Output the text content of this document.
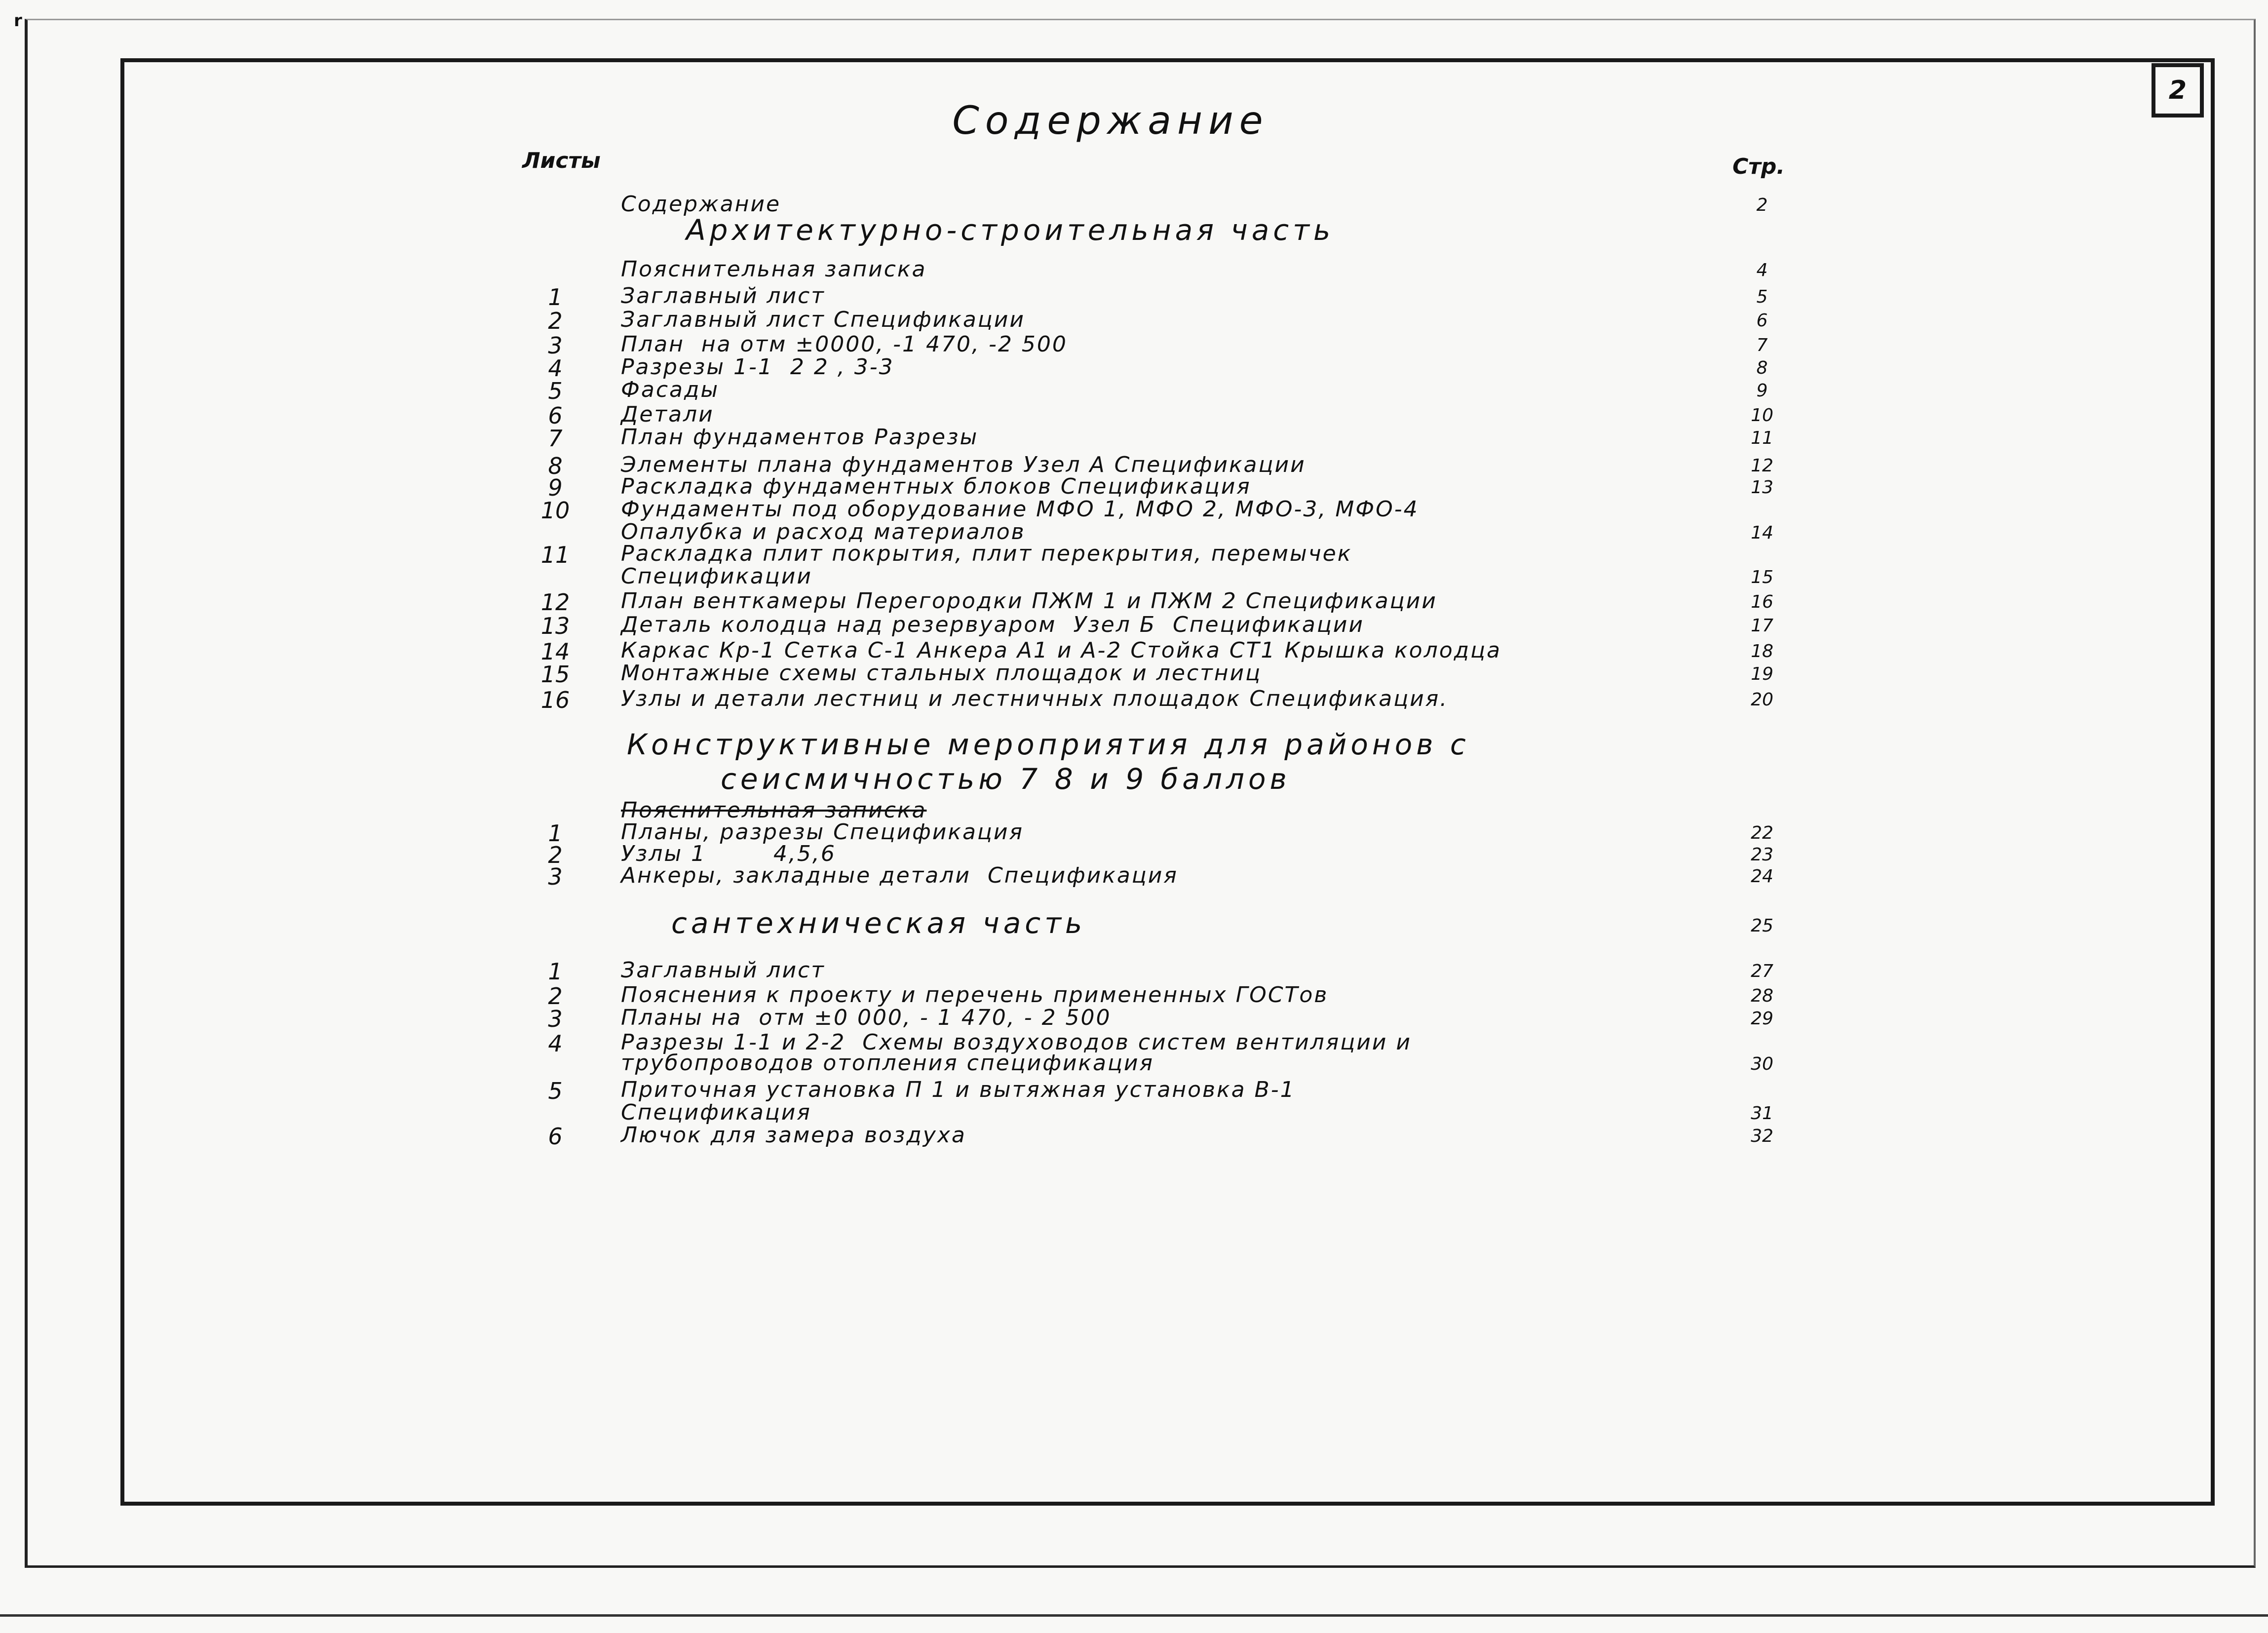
r
2
Содержание
Листы	Стр.
Архитектурно-строительная часть
Конструктивные мероприятия для районов с
сеисмичностью 7 8 и 9 баллов
сантехническая часть	25
Содержание	2
Пояснительная записка	4
1	Заглавный лист	5
2	Заглавный лист Спецификации	6
3	План  на отм ±0000, -1 470, -2 500	7
4	Разрезы 1-1  2 2 , 3-3	8
5	Фасады	9
6	Детали	10
7	План фундаментов Разрезы	11
8	Элементы плана фундаментов Узел А Спецификации	12
9	Раскладка фундаментных блоков Спецификация	13
10	Фундаменты под оборудование МФО 1, МФО 2, МФО-3, МФО-4
Опалубка и расход материалов	14
11	Раскладка плит покрытия, плит перекрытия, перемычек
Спецификации	15
12	План венткамеры Перегородки ПЖМ 1 и ПЖМ 2 Спецификации	16
13	Деталь колодца над резервуаром  Узел Б  Спецификации	17
14	Каркас Кр-1 Сетка С-1 Анкера А1 и А-2 Стойка СТ1 Крышка колодца	18
15	Монтажные схемы стальных площадок и лестниц	19
16	Узлы и детали лестниц и лестничных площадок Спецификация.	20
Пояснительная записка
1	Планы, разрезы Спецификация	22
2	Узлы 1        4,5,6	23
3	Анкеры, закладные детали  Спецификация	24
1	Заглавный лист	27
2	Пояснения к проекту и перечень примененных ГОСТов	28
3	Планы на  отм ±0 000, - 1 470, - 2 500	29
4	Разрезы 1-1 и 2-2  Схемы воздуховодов систем вентиляции и
трубопроводов отопления спецификация	30
5	Приточная установка П 1 и вытяжная установка В-1
Спецификация	31
6	Лючок для замера воздуха	32
